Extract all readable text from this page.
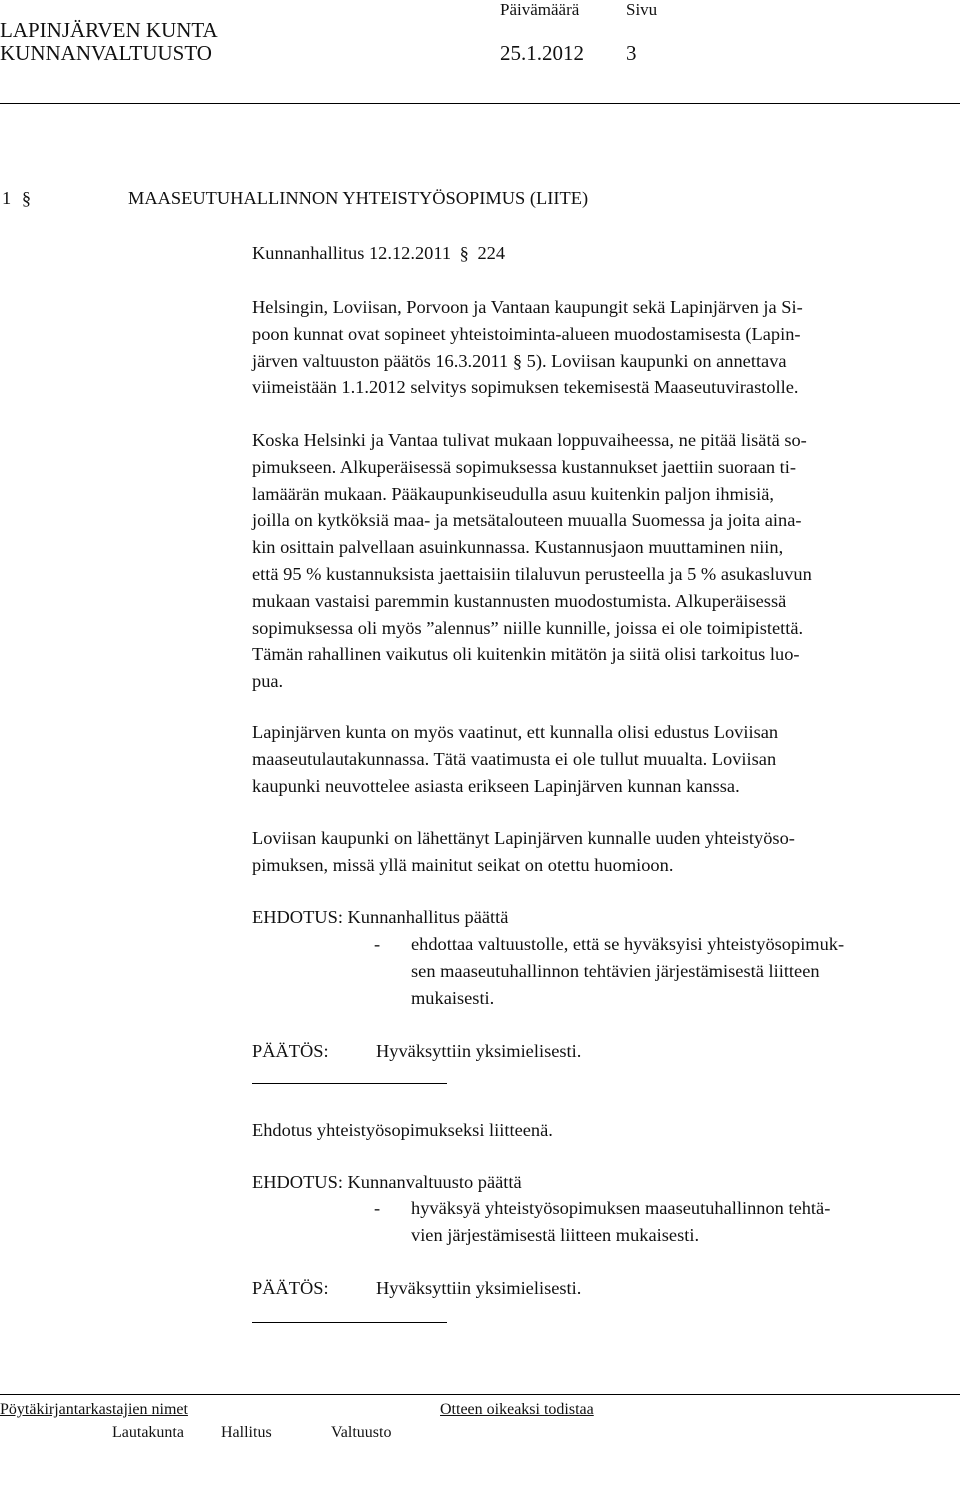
LAPINJÄRVEN KUNTA
KUNNANVALTUUSTO
Päivämäärä
25.1.2012
Sivu
3
1 §	MAASEUTUHALLINNON YHTEISTYÖSOPIMUS (LIITE)
Kunnanhallitus 12.12.2011 § 224
Helsingin, Loviisan, Porvoon ja Vantaan kaupungit sekä Lapinjärven ja Si-
poon kunnat ovat sopineet yhteistoiminta-alueen muodostamisesta (Lapin-
järven valtuuston päätös 16.3.2011 § 5). Loviisan kaupunki on annettava
viimeistään 1.1.2012 selvitys sopimuksen tekemisestä Maaseutuvirastolle.
Koska Helsinki ja Vantaa tulivat mukaan loppuvaiheessa, ne pitää lisätä so-
pimukseen. Alkuperäisessä sopimuksessa kustannukset jaettiin suoraan ti-
lamäärän mukaan. Pääkaupunkiseudulla asuu kuitenkin paljon ihmisiä,
joilla on kytköksiä maa- ja metsätalouteen muualla Suomessa ja joita aina-
kin osittain palvellaan asuinkunnassa. Kustannusjaon muuttaminen niin,
että 95 % kustannuksista jaettaisiin tilaluvun perusteella ja 5 % asukasluvun
mukaan vastaisi paremmin kustannusten muodostumista. Alkuperäisessä
sopimuksessa oli myös ”alennus” niille kunnille, joissa ei ole toimipistettä.
Tämän rahallinen vaikutus oli kuitenkin mitätön ja siitä olisi tarkoitus luo-
pua.
Lapinjärven kunta on myös vaatinut, ett kunnalla olisi edustus Loviisan
maaseutulautakunnassa. Tätä vaatimusta ei ole tullut muualta. Loviisan
kaupunki neuvottelee asiasta erikseen Lapinjärven kunnan kanssa.
Loviisan kaupunki on lähettänyt Lapinjärven kunnalle uuden yhteistyöso-
pimuksen, missä yllä mainitut seikat on otettu huomioon.
EHDOTUS: Kunnanhallitus päättä
- ehdottaa valtuustolle, että se hyväksyisi yhteistyösopimuk-
sen maaseutuhallinnon tehtävien järjestämisestä liitteen
mukaisesti.
PÄÄTÖS:	Hyväksyttiin yksimielisesti.
Ehdotus yhteistyösopimukseksi liitteenä.
EHDOTUS: Kunnanvaltuusto päättä
- hyväksyä yhteistyösopimuksen maaseutuhallinnon tehtä-
vien järjestämisestä liitteen mukaisesti.
PÄÄTÖS:	Hyväksyttiin yksimielisesti.
Pöytäkirjantarkastajien nimet	Otteen oikeaksi todistaa
Lautakunta Hallitus	Valtuusto
